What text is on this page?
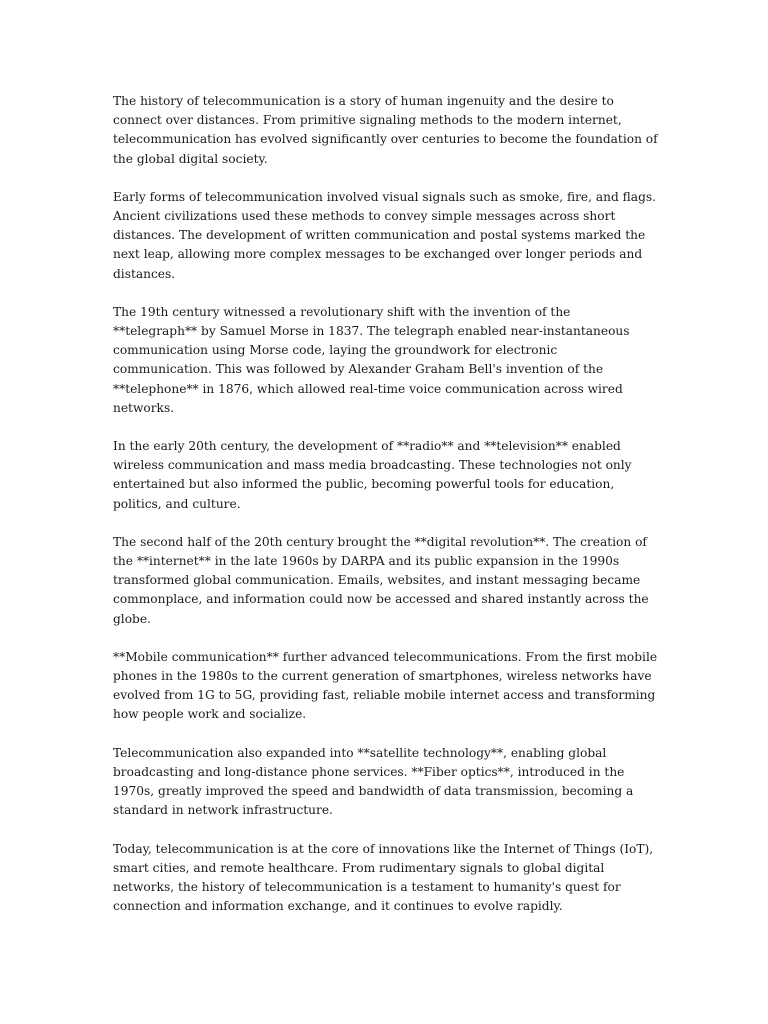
The history of telecommunication is a story of human ingenuity and the desire to connect over distances. From primitive signaling methods to the modern internet, telecommunication has evolved significantly over centuries to become the foundation of the global digital society.

Early forms of telecommunication involved visual signals such as smoke, fire, and flags. Ancient civilizations used these methods to convey simple messages across short distances. The development of written communication and postal systems marked the next leap, allowing more complex messages to be exchanged over longer periods and distances.

The 19th century witnessed a revolutionary shift with the invention of the **telegraph** by Samuel Morse in 1837. The telegraph enabled near-instantaneous communication using Morse code, laying the groundwork for electronic communication. This was followed by Alexander Graham Bell's invention of the **telephone** in 1876, which allowed real-time voice communication across wired networks.

In the early 20th century, the development of **radio** and **television** enabled wireless communication and mass media broadcasting. These technologies not only entertained but also informed the public, becoming powerful tools for education, politics, and culture.

The second half of the 20th century brought the **digital revolution**. The creation of the **internet** in the late 1960s by DARPA and its public expansion in the 1990s transformed global communication. Emails, websites, and instant messaging became commonplace, and information could now be accessed and shared instantly across the globe.

**Mobile communication** further advanced telecommunications. From the first mobile phones in the 1980s to the current generation of smartphones, wireless networks have evolved from 1G to 5G, providing fast, reliable mobile internet access and transforming how people work and socialize.

Telecommunication also expanded into **satellite technology**, enabling global broadcasting and long-distance phone services. **Fiber optics**, introduced in the 1970s, greatly improved the speed and bandwidth of data transmission, becoming a standard in network infrastructure.

Today, telecommunication is at the core of innovations like the Internet of Things (IoT), smart cities, and remote healthcare. From rudimentary signals to global digital networks, the history of telecommunication is a testament to humanity's quest for connection and information exchange, and it continues to evolve rapidly.
